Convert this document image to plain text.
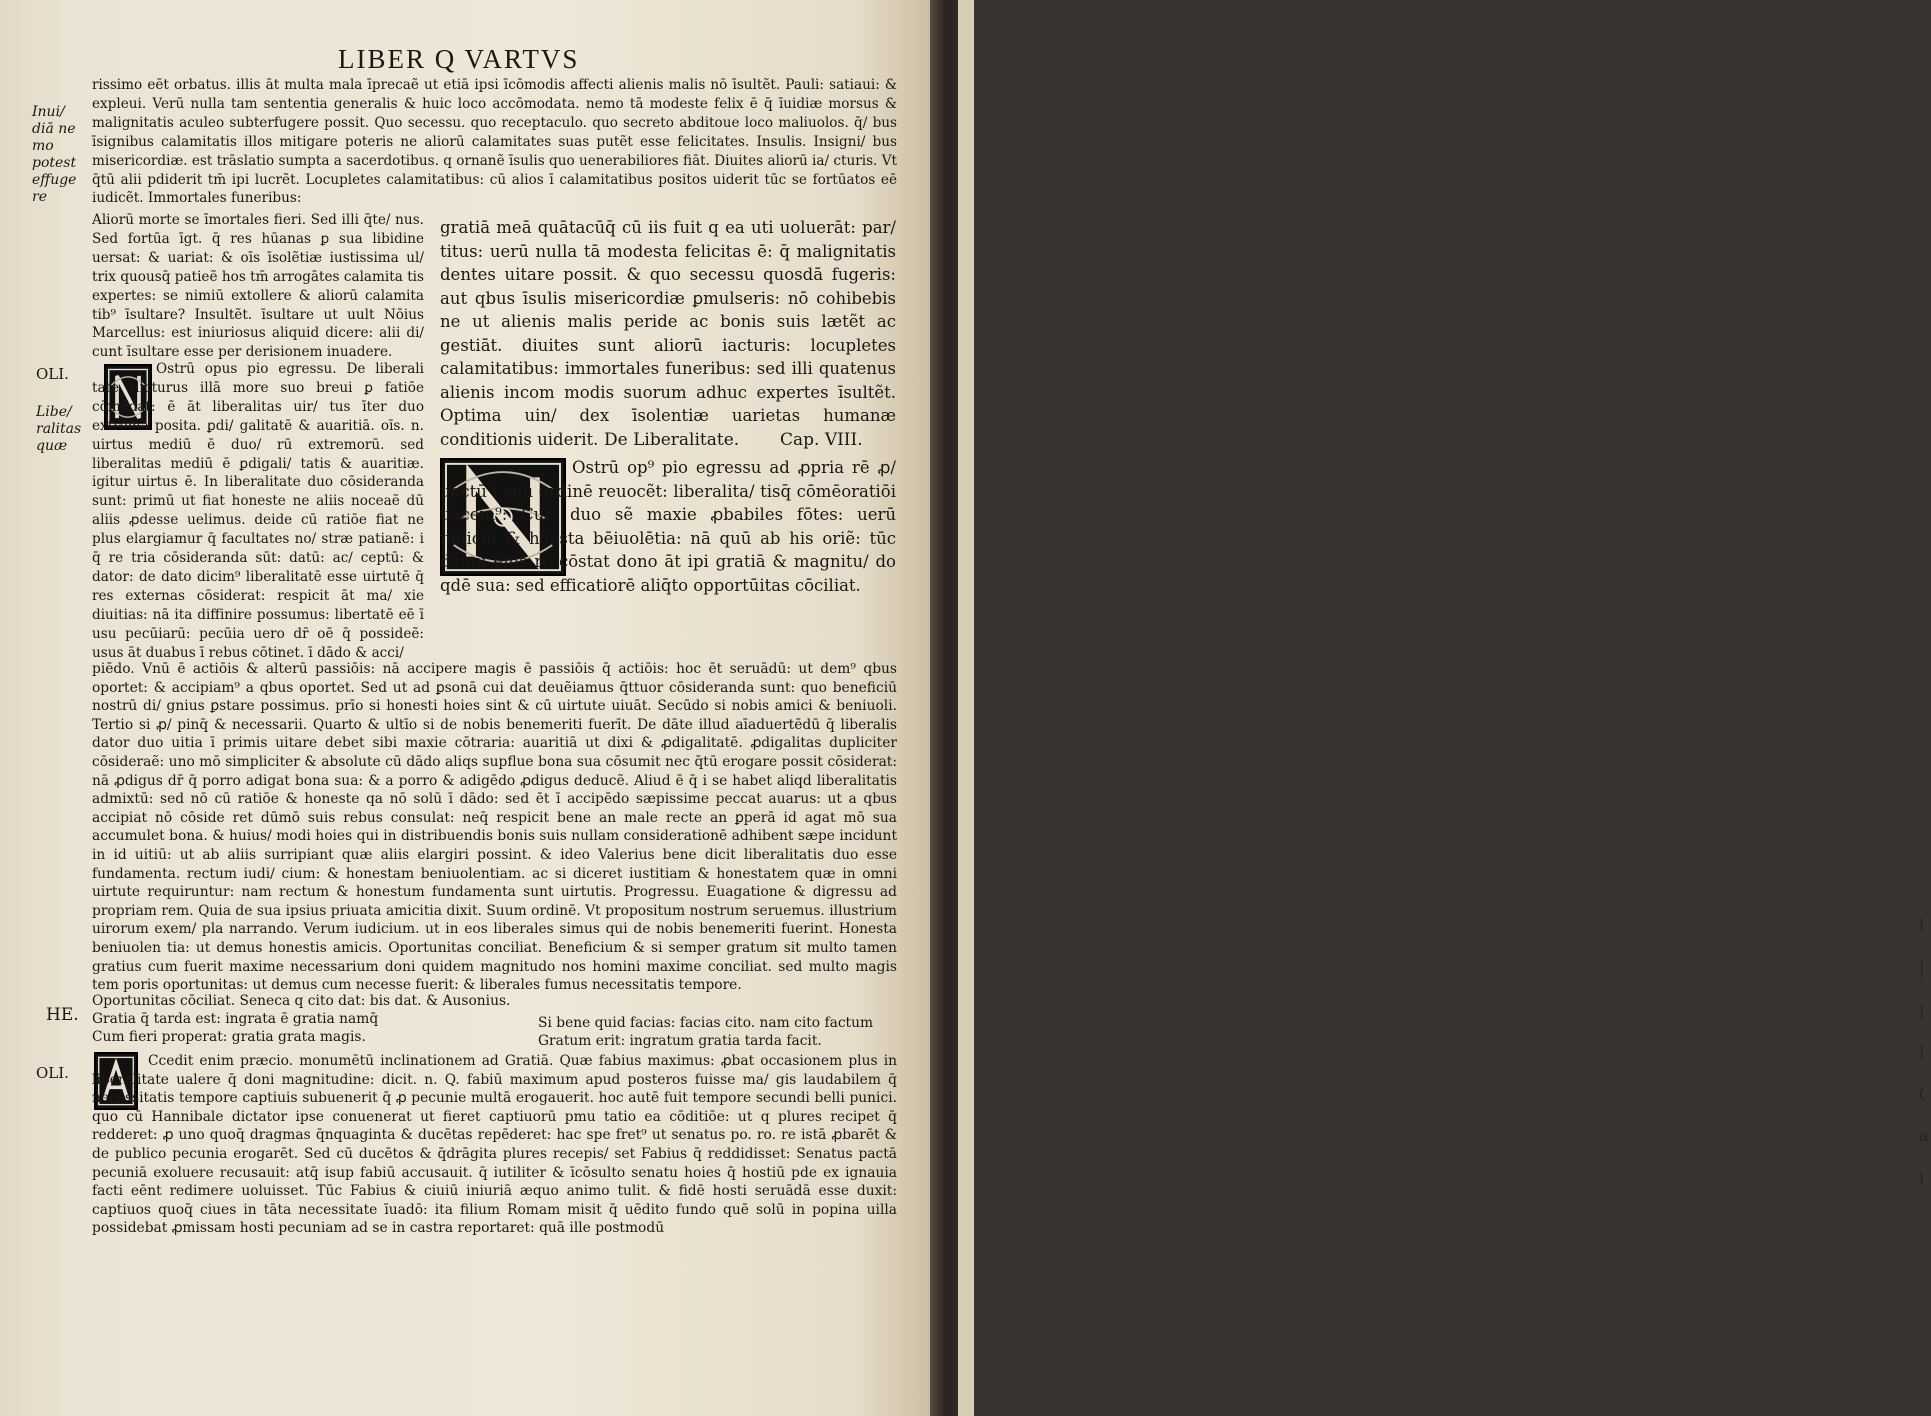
LIBER Q VARTVS
Inui/ diā ne mo potest effuge re
OLI.
Libe/ ralitas quæ
HE.
OLI.

rissimo eēt orbatus. illis āt multa mala īprecaẽ ut etiā ipsi īcōmodis affecti alienis malis nō īsultẽt. Pauli: satiaui: & expleui. Verū nulla tam sententia generalis & huic loco accōmodata. nemo tā modeste felix ē q̄ īuidiæ morsus & malignitatis aculeo subterfugere possit. Quo secessu. quo receptaculo. quo secreto abditoue loco maliuolos. q̄/ bus īsignibus calamitatis illos mitigare poteris ne aliorū calamitates suas putẽt esse felicitates. Insulis. Insigni/ bus misericordiæ. est trāslatio sumpta a sacerdotibus. q ornanẽ īsulis quo uenerabiliores fiāt. Diuites aliorū ia/ cturis. Vt q̄tū alii pdiderit tm̄ ipi lucrẽt. Locupletes calamitatibus: cū alios ī calamitatibus positos uiderit tūc se fortūatos eē iudicẽt. Immortales funeribus:

Aliorū morte se īmortales fieri. Sed illi q̄te/ nus. Sed fortūa īgt. q̄ res hūanas ꝑ sua libidine uersat: & uariat: & oīs īsolẽtiæ iustissima ul/ trix quousq̄ patieẽ hos tm̄ arrogātes calamita tis expertes: se nimiū extollere & aliorū calamita tib⁹ īsultare? Insultẽt. īsultare ut uult Nōius Marcellus: est iniuriosus aliquid dicere: alii di/ cunt īsultare esse per derisionem inuadere.

Ostrū opus pio egressu. De liberali tate dicturus illā more suo breui ꝑ fatiōe cōmēdat: ē āt liberalitas uir/ tus īter duo extrema posita. ꝑdi/ galitatē & auaritiā. oīs. n. uirtus mediū ē duo/ rū extremorū. sed liberalitas mediū ē ꝑdigali/ tatis & auaritiæ. igitur uirtus ē. In liberalitate duo cōsideranda sunt: primū ut fiat honeste ne aliis noceaẽ dū aliis ꝓdesse uelimus. deide cū ratiōe fiat ne plus elargiamur q̄ facultates no/ stræ patianẽ: i q̄ re tria cōsideranda sūt: datū: ac/ ceptū: & dator: de dato dicim⁹ liberalitatē esse uirtutē q̄ res externas cōsiderat: respicit āt ma/ xie diuitias: nā ita diffinire possumus: libertatē eē ī usu pecūiarū: pecūia uero dr̄ oē q̄ possideẽ: usus āt duabus ī rebus cōtinet. ī dādo & acci/

gratiā meā quātacūq̄ cū iis fuit q ea uti uoluerāt: par/ titus: uerū nulla tā modesta felicitas ē: q̄ malignitatis dentes uitare possit. & quo secessu quosdā fugeris: aut qbus īsulis misericordiæ ꝑmulseris: nō cohibebis ne ut alienis malis peride ac bonis suis lætẽt ac gestiāt. diuites sunt aliorū iacturis: locupletes calamitatibus: immortales funeribus: sed illi quatenus alienis incom modis suorum adhuc expertes īsultẽt. Optima uin/ dex īsolentiæ uarietas humanæ conditionis uiderit. De Liberalitate. Cap. VIII.

Ostrū op⁹ pio egressu ad ꝓpria rē ꝓ/ uectū ī suū ordinē reuocẽt: liberalita/ tisq̄ cōmēoratiōi uacem⁹: Cui⁹ duo sẽ maxie ꝓbabiles fōtes: uerū iudiciū & hōesta bēiuolētia: nā quū ab his oriẽ: tūc demū eius rō cōstat dono āt ipi gratiā & magnitu/ do qdē sua: sed efficatiorē aliq̄to opportūitas cōciliat.

piēdo. Vnū ē actiōis & alterū passiōis: nā accipere magis ē passiōis q̄ actiōis: hoc ēt seruādū: ut dem⁹ qbus oportet: & accipiam⁹ a qbus oportet. Sed ut ad ꝑsonā cui dat deuẽiamus q̄ttuor cōsideranda sunt: quo beneficiū nostrū di/ gnius ꝑstare possimus. prīo si honesti hoies sint & cū uirtute uiuāt. Secūdo si nobis amici & beniuoli. Tertio si ꝓ/ pinq̄ & necessarii. Quarto & ultīo si de nobis benemeriti fuerīt. De dāte illud aīaduertēdū q̄ liberalis dator duo uitia ī primis uitare debet sibi maxie cōtraria: auaritiā ut dixi & ꝓdigalitatē. ꝓdigalitas dupliciter cōsideraẽ: uno mō simpliciter & absolute cū dādo aliqs supflue bona sua cōsumit nec q̄tū erogare possit cōsiderat: nā ꝓdigus dr̄ q̄ porro adigat bona sua: & a porro & adigēdo ꝓdigus deducẽ. Aliud ē q̄ i se habet aliqd liberalitatis admixtū: sed nō cū ratiōe & honeste qa nō solū ī dādo: sed ēt ī accipēdo sæpissime peccat auarus: ut a qbus accipiat nō cōside ret dūmō suis rebus consulat: neq̄ respicit bene an male recte an ꝑperā id agat mō sua accumulet bona. & huius/ modi hoies qui in distribuendis bonis suis nullam considerationē adhibent sæpe incidunt in id uitiū: ut ab aliis surripiant quæ aliis elargiri possint. & ideo Valerius bene dicit liberalitatis duo esse fundamenta. rectum iudi/ cium: & honestam beniuolentiam. ac si diceret iustitiam & honestatem quæ in omni uirtute requiruntur: nam rectum & honestum fundamenta sunt uirtutis. Progressu. Euagatione & digressu ad propriam rem. Quia de sua ipsius priuata amicitia dixit. Suum ordinē. Vt propositum nostrum seruemus. illustrium uirorum exem/ pla narrando. Verum iudicium. ut in eos liberales simus qui de nobis benemeriti fuerint. Honesta beniuolen tia: ut demus honestis amicis. Oportunitas conciliat. Beneficium & si semper gratum sit multo tamen gratius cum fuerit maxime necessarium doni quidem magnitudo nos homini maxime conciliat. sed multo magis tem poris oportunitas: ut demus cum necesse fuerit: & liberales fumus necessitatis tempore.

Oportunitas cōciliat. Seneca q cito dat: bis dat. & Ausonius.
Gratia q̄ tarda est: ingrata ē gratia namq̄
Cum fieri properat: gratia grata magis.
Si bene quid facias: facias cito. nam cito factum
Gratum erit: ingratum gratia tarda facit.

Ccedit enim præcio. monumētū inclinationem ad Gratiā. Quæ fabius maximus: ꝓbat occasionem plus in liberalitate ualere q̄ doni magnitudine: dicit. n. Q. fabiū maximum apud posteros fuisse ma/ gis laudabilem q̄ necessitatis tempore captiuis subuenerit q̄ ꝓ pecunie multā erogauerit. hoc autē fuit tempore secundi belli punici. quo cū Hannibale dictator ipse conuenerat ut fieret captiuorū pmu tatio ea cōditiōe: ut q plures recipet q̄ redderet: ꝓ uno quoq̄ dragmas q̄nquaginta & ducētas repēderet: hac spe fret⁹ ut senatus po. ro. re istā ꝓbarēt & de publico pecunia erogarēt. Sed cū ducētos & q̄drāgita plures recepis/ set Fabius q̄ reddidisset: Senatus pactā pecuniā exoluere recusauit: atq̄ isup fabiū accusauit. q̄ iutiliter & īcōsulto senatu hoies q̄ hostiū pde ex ignauia facti eēnt redimere uoluisset. Tūc Fabius & ciuiū iniuriā æquo animo tulit. & fidē hosti seruādā esse duxit: captiuos quoq̄ ciues in tāta necessitate īuadō: ita filium Romam misit q̄ uēdito fundo quē solū in popina uilla possidebat ꝓmissam hosti pecuniam ad se in castra reportaret: quā ille postmodū

l | | | ( a i
